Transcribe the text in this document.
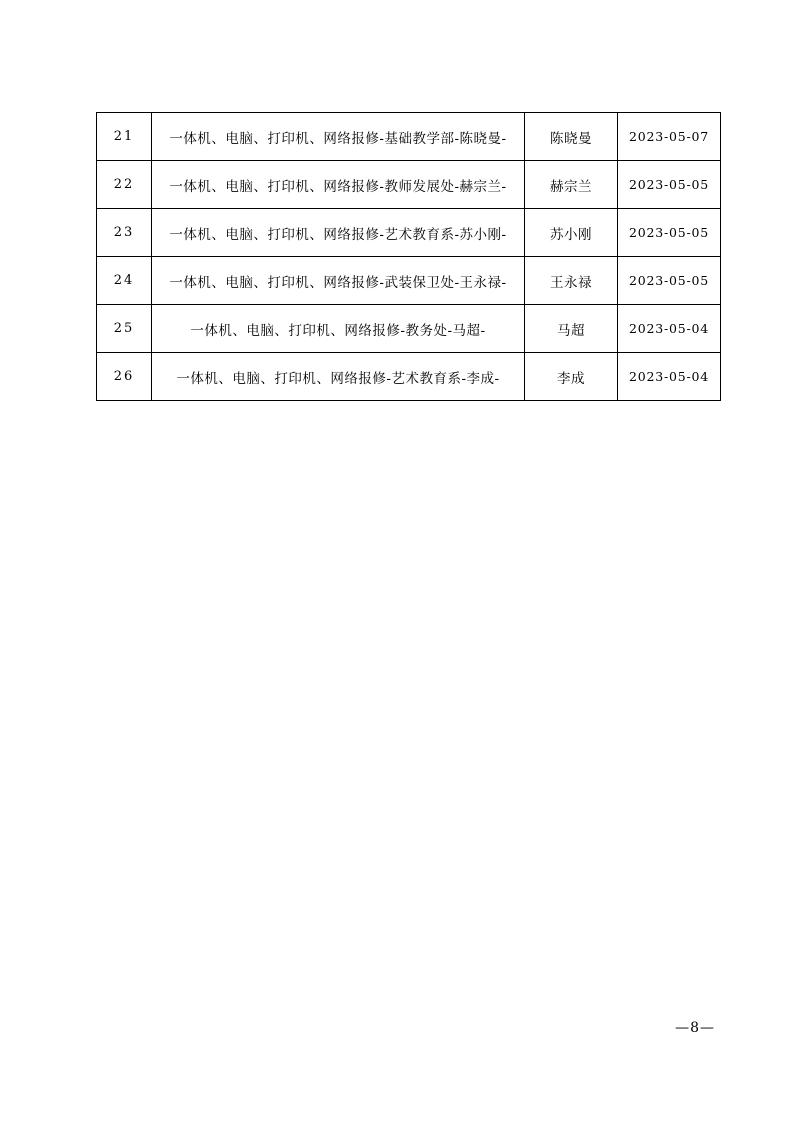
21	一体机、电脑、打印机、网络报修-基础教学部-陈晓曼-	陈晓曼	2023-05-07
22	一体机、电脑、打印机、网络报修-教师发展处-赫宗兰-	赫宗兰	2023-05-05
23	一体机、电脑、打印机、网络报修-艺术教育系-苏小刚-	苏小刚	2023-05-05
24	一体机、电脑、打印机、网络报修-武装保卫处-王永禄-	王永禄	2023-05-05
25	一体机、电脑、打印机、网络报修-教务处-马超-	马超	2023-05-04
26	一体机、电脑、打印机、网络报修-艺术教育系-李成-	李成	2023-05-04
—8—
